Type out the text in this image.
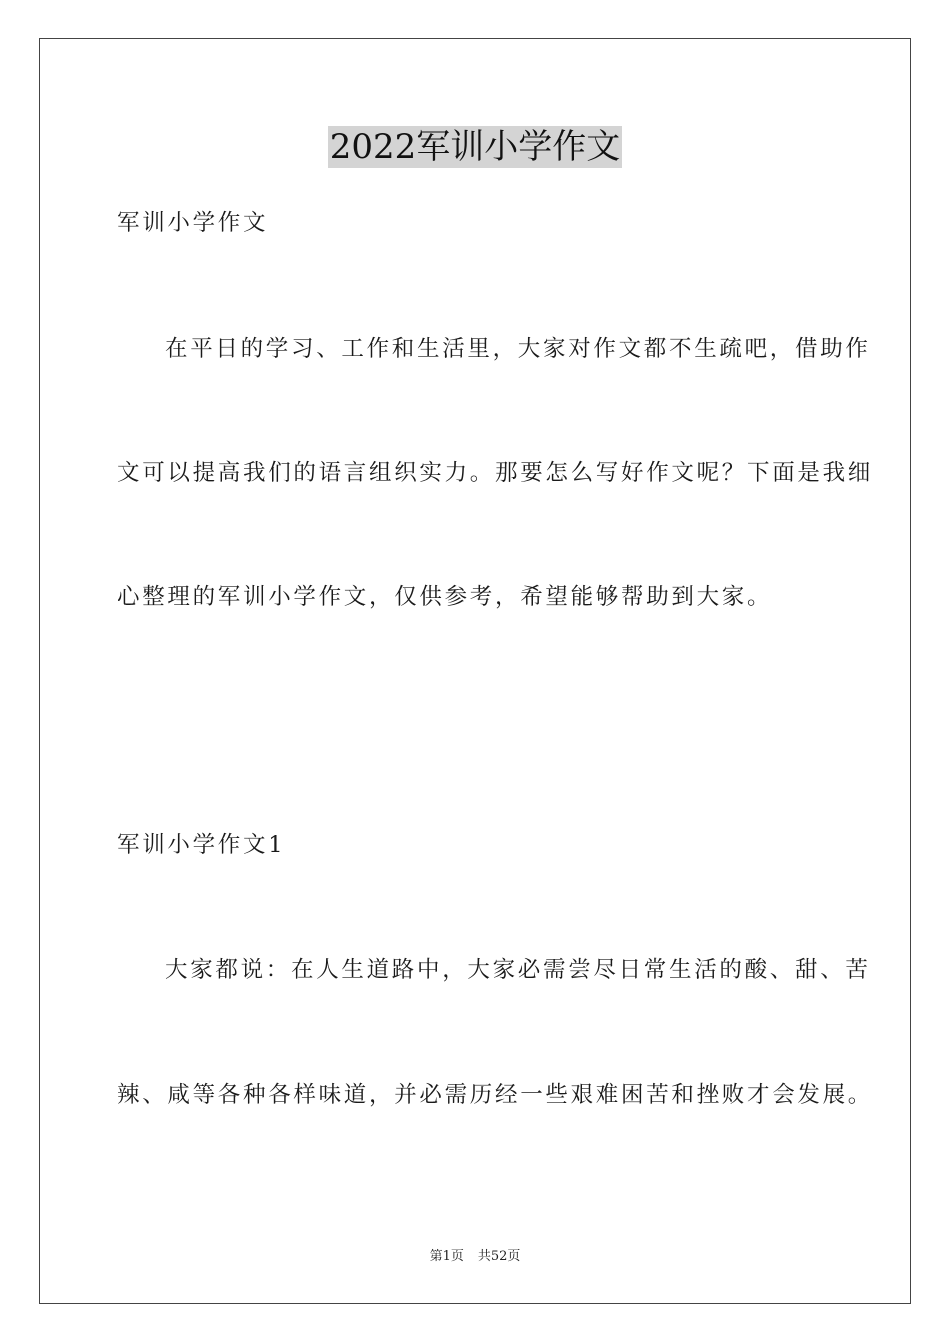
2022军训小学作文
军训小学作文
在平日的学习、工作和生活里，大家对作文都不生疏吧，借助作
文可以提高我们的语言组织实力。那要怎么写好作文呢？下面是我细
心整理的军训小学作文，仅供参考，希望能够帮助到大家。
军训小学作文1
大家都说：在人生道路中，大家必需尝尽日常生活的酸、甜、苦
辣、咸等各种各样味道，并必需历经一些艰难困苦和挫败才会发展。
第1页 共52页
